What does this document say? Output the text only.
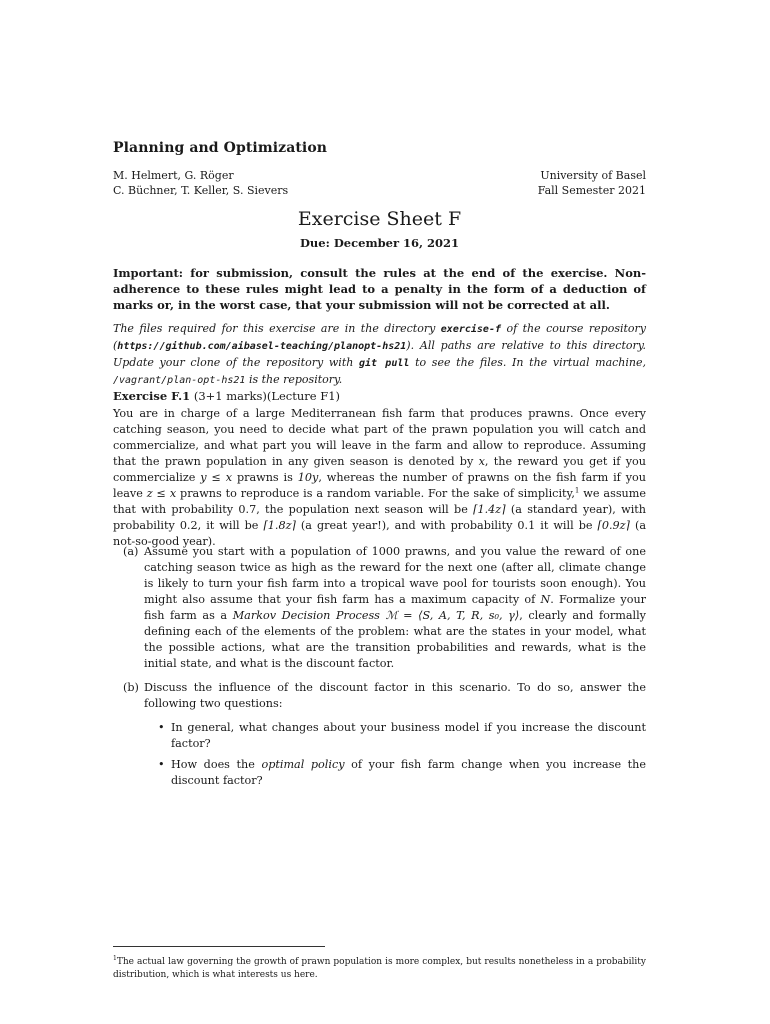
Planning and Optimization
M. Helmert, G. Röger
C. Büchner, T. Keller, S. Sievers
University of Basel
Fall Semester 2021
Exercise Sheet F
Due: December 16, 2021
Important: for submission, consult the rules at the end of the exercise. Non-adherence to these rules might lead to a penalty in the form of a deduction of marks or, in the worst case, that your submission will not be corrected at all.
The files required for this exercise are in the directory exercise-f of the course repository (https://github.com/aibasel-teaching/planopt-hs21). All paths are relative to this directory. Update your clone of the repository with git pull to see the files. In the virtual machine, /vagrant/plan-opt-hs21 is the repository.
Exercise F.1 (3+1 marks)(Lecture F1)
You are in charge of a large Mediterranean fish farm that produces prawns. Once every catching season, you need to decide what part of the prawn population you will catch and commercialize, and what part you will leave in the farm and allow to reproduce. Assuming that the prawn population in any given season is denoted by x, the reward you get if you commercialize y ≤ x prawns is 10y, whereas the number of prawns on the fish farm if you leave z ≤ x prawns to reproduce is a random variable. For the sake of simplicity,$^1$ we assume that with probability 0.7, the population next season will be ⌈1.4z⌉ (a standard year), with probability 0.2, it will be ⌈1.8z⌉ (a great year!), and with probability 0.1 it will be ⌈0.9z⌉ (a not-so-good year).
(a) Assume you start with a population of 1000 prawns, and you value the reward of one catching season twice as high as the reward for the next one (after all, climate change is likely to turn your fish farm into a tropical wave pool for tourists soon enough). You might also assume that your fish farm has a maximum capacity of N. Formalize your fish farm as a Markov Decision Process ℳ = ⟨S, A, T, R, s₀, γ⟩, clearly and formally defining each of the elements of the problem: what are the states in your model, what the possible actions, what are the transition probabilities and rewards, what is the initial state, and what is the discount factor.
(b) Discuss the influence of the discount factor in this scenario. To do so, answer the following two questions:
• In general, what changes about your business model if you increase the discount factor?
• How does the optimal policy of your fish farm change when you increase the discount factor?
$^1$The actual law governing the growth of prawn population is more complex, but results nonetheless in a probability distribution, which is what interests us here.
